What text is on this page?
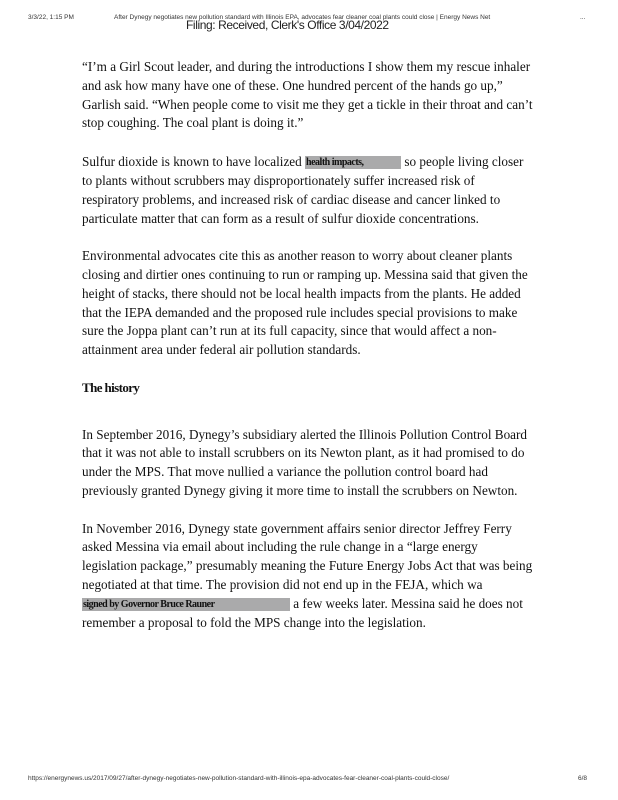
3/3/22, 1:15 PM	After Dynegy negotiates new pollution standard with Illinois EPA, advocates fear cleaner coal plants could close | Energy News Net	...
Filing: Received, Clerk's Office 3/04/2022

“I’m a Girl Scout leader, and during the introductions I show them my rescue inhaler and ask how many have one of these. One hundred percent of the hands go up,” Garlish said. “When people come to visit me they get a tickle in their throat and can’t stop coughing. The coal plant is doing it.”

Sulfur dioxide is known to have localized health impacts,	so people living closer to plants without scrubbers may disproportionately suffer increased risk of respiratory problems, and increased risk of cardiac disease and cancer linked to particulate matter that can form as a result of sulfur dioxide concentrations.

Environmental advocates cite this as another reason to worry about cleaner plants closing and dirtier ones continuing to run or ramping up. Messina said that given the height of stacks, there should not be local health impacts from the plants. He added that the IEPA demanded and the proposed rule includes special provisions to make sure the Joppa plant can’t run at its full capacity, since that would affect a non-attainment area under federal air pollution standards.

The history

In September 2016, Dynegy’s subsidiary alerted the Illinois Pollution Control Board that it was not able to install scrubbers on its Newton plant, as it had promised to do under the MPS. That move nullied a variance the pollution control board had previously granted Dynegy giving it more time to install the scrubbers on Newton.

In November 2016, Dynegy state government affairs senior director Jeffrey Ferry asked Messina via email about including the rule change in a “large energy legislation package,” presumably meaning the Future Energy Jobs Act that was being negotiated at that time. The provision did not end up in the FEJA, which wasigned by Governor Bruce Rauner	a few weeks later. Messina said he does not remember a proposal to fold the MPS change into the legislation.

https://energynews.us/2017/09/27/after-dynegy-negotiates-new-pollution-standard-with-illinois-epa-advocates-fear-cleaner-coal-plants-could-close/	6/8
